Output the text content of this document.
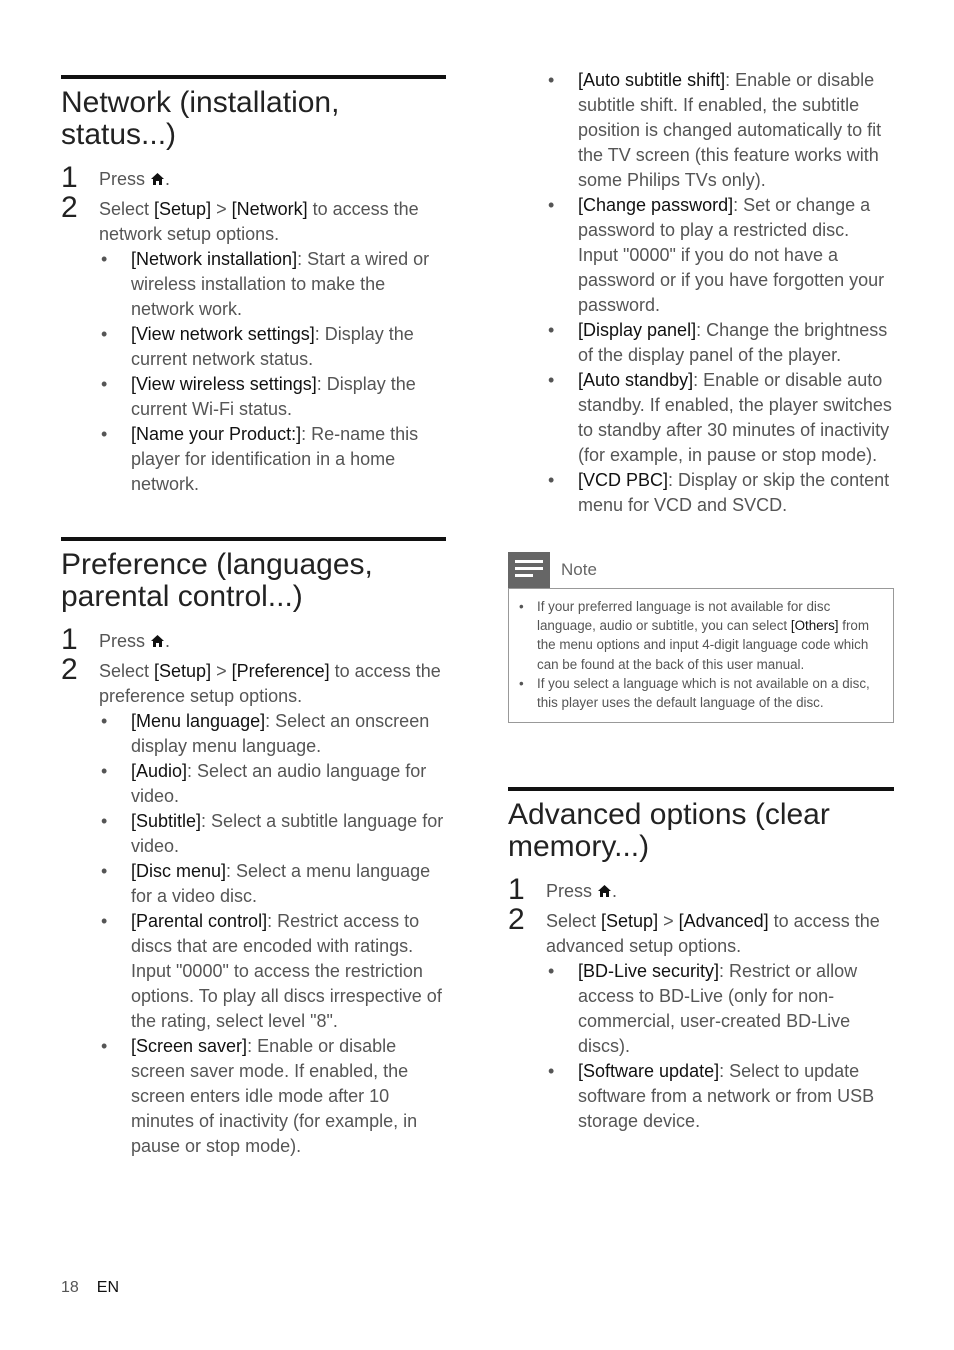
Network (installation,
status...)
1 Press .
2 Select [Setup] > [Network] to access the network setup options.
• [Network installation]: Start a wired or wireless installation to make the network work.
• [View network settings]: Display the current network status.
• [View wireless settings]: Display the current Wi-Fi status.
• [Name your Product:]: Re-name this player for identification in a home network.
Preference (languages,
parental control...)
1 Press .
2 Select [Setup] > [Preference] to access the preference setup options.
• [Menu language]: Select an onscreen display menu language.
• [Audio]: Select an audio language for video.
• [Subtitle]: Select a subtitle language for video.
• [Disc menu]: Select a menu language for a video disc.
• [Parental control]: Restrict access to discs that are encoded with ratings. Input "0000" to access the restriction options. To play all discs irrespective of the rating, select level "8".
• [Screen saver]: Enable or disable screen saver mode. If enabled, the screen enters idle mode after 10 minutes of inactivity (for example, in pause or stop mode).
• [Auto subtitle shift]: Enable or disable subtitle shift. If enabled, the subtitle position is changed automatically to fit the TV screen (this feature works with some Philips TVs only).
• [Change password]: Set or change a password to play a restricted disc. Input "0000" if you do not have a password or if you have forgotten your password.
• [Display panel]: Change the brightness of the display panel of the player.
• [Auto standby]: Enable or disable auto standby. If enabled, the player switches to standby after 30 minutes of inactivity (for example, in pause or stop mode).
• [VCD PBC]: Display or skip the content menu for VCD and SVCD.
Note
• If your preferred language is not available for disc language, audio or subtitle, you can select [Others] from the menu options and input 4-digit language code which can be found at the back of this user manual.
• If you select a language which is not available on a disc, this player uses the default language of the disc.
Advanced options (clear
memory...)
1 Press .
2 Select [Setup] > [Advanced] to access the advanced setup options.
• [BD-Live security]: Restrict or allow access to BD-Live (only for non-commercial, user-created BD-Live discs).
• [Software update]: Select to update software from a network or from USB storage device.
18 EN
